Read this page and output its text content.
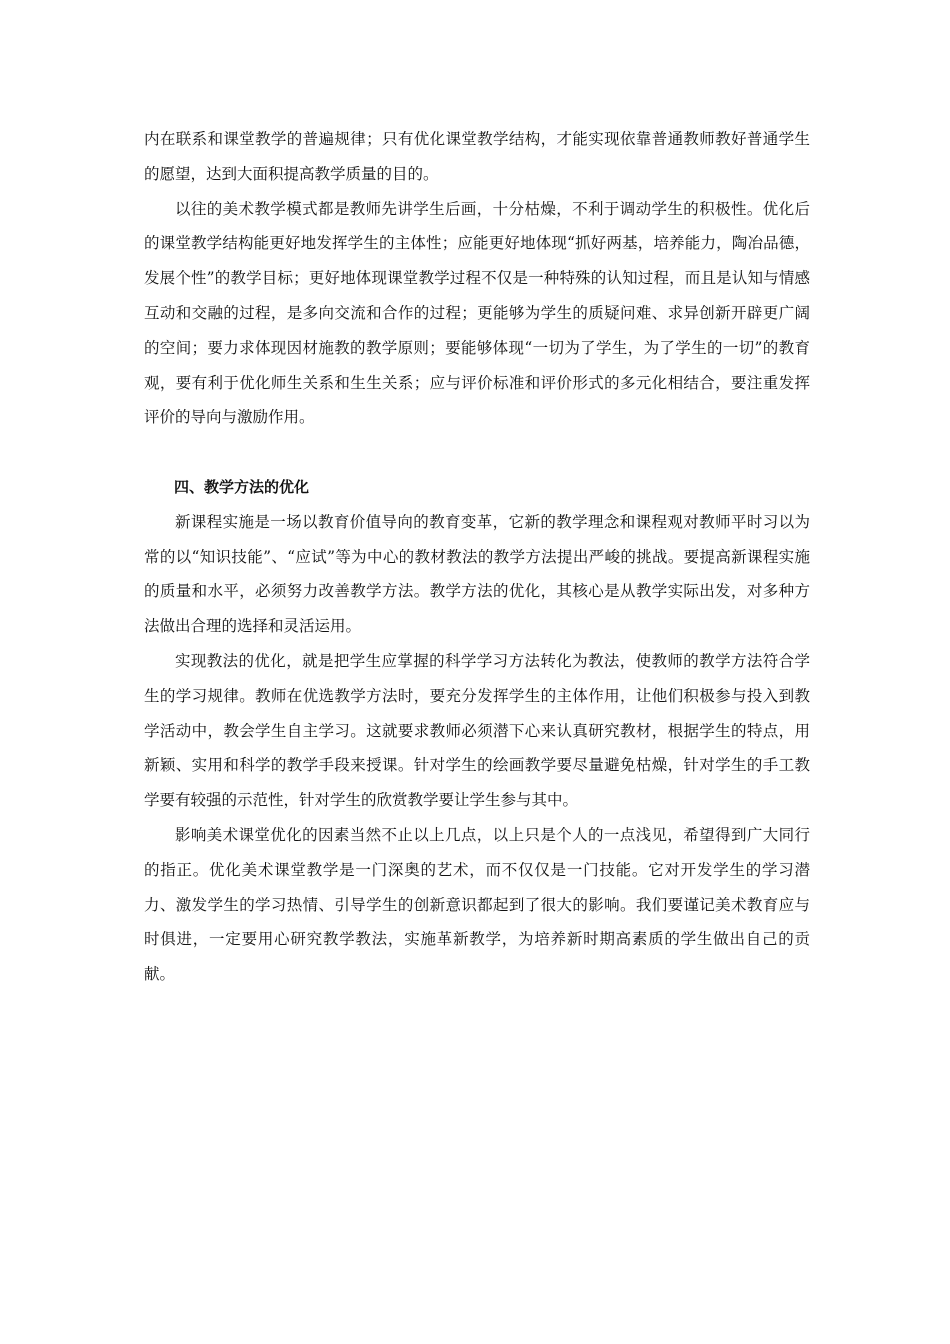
内在联系和课堂教学的普遍规律；只有优化课堂教学结构，才能实现依靠普通教师教好普通学生的愿望，达到大面积提高教学质量的目的。

以往的美术教学模式都是教师先讲学生后画，十分枯燥，不利于调动学生的积极性。优化后的课堂教学结构能更好地发挥学生的主体性；应能更好地体现“抓好两基，培养能力，陶冶品德，发展个性”的教学目标；更好地体现课堂教学过程不仅是一种特殊的认知过程，而且是认知与情感互动和交融的过程，是多向交流和合作的过程；更能够为学生的质疑问难、求异创新开辟更广阔的空间；要力求体现因材施教的教学原则；要能够体现“一切为了学生，为了学生的一切”的教育观，要有利于优化师生关系和生生关系；应与评价标准和评价形式的多元化相结合，要注重发挥评价的导向与激励作用。

四、教学方法的优化

新课程实施是一场以教育价值导向的教育变革，它新的教学理念和课程观对教师平时习以为常的以“知识技能”、“应试”等为中心的教材教法的教学方法提出严峻的挑战。要提高新课程实施的质量和水平，必须努力改善教学方法。教学方法的优化，其核心是从教学实际出发，对多种方法做出合理的选择和灵活运用。

实现教法的优化，就是把学生应掌握的科学学习方法转化为教法，使教师的教学方法符合学生的学习规律。教师在优选教学方法时，要充分发挥学生的主体作用，让他们积极参与投入到教学活动中，教会学生自主学习。这就要求教师必须潜下心来认真研究教材，根据学生的特点，用新颖、实用和科学的教学手段来授课。针对学生的绘画教学要尽量避免枯燥，针对学生的手工教学要有较强的示范性，针对学生的欣赏教学要让学生参与其中。

影响美术课堂优化的因素当然不止以上几点，以上只是个人的一点浅见，希望得到广大同行的指正。优化美术课堂教学是一门深奥的艺术，而不仅仅是一门技能。它对开发学生的学习潜力、激发学生的学习热情、引导学生的创新意识都起到了很大的影响。我们要谨记美术教育应与时俱进，一定要用心研究教学教法，实施革新教学，为培养新时期高素质的学生做出自己的贡献。
